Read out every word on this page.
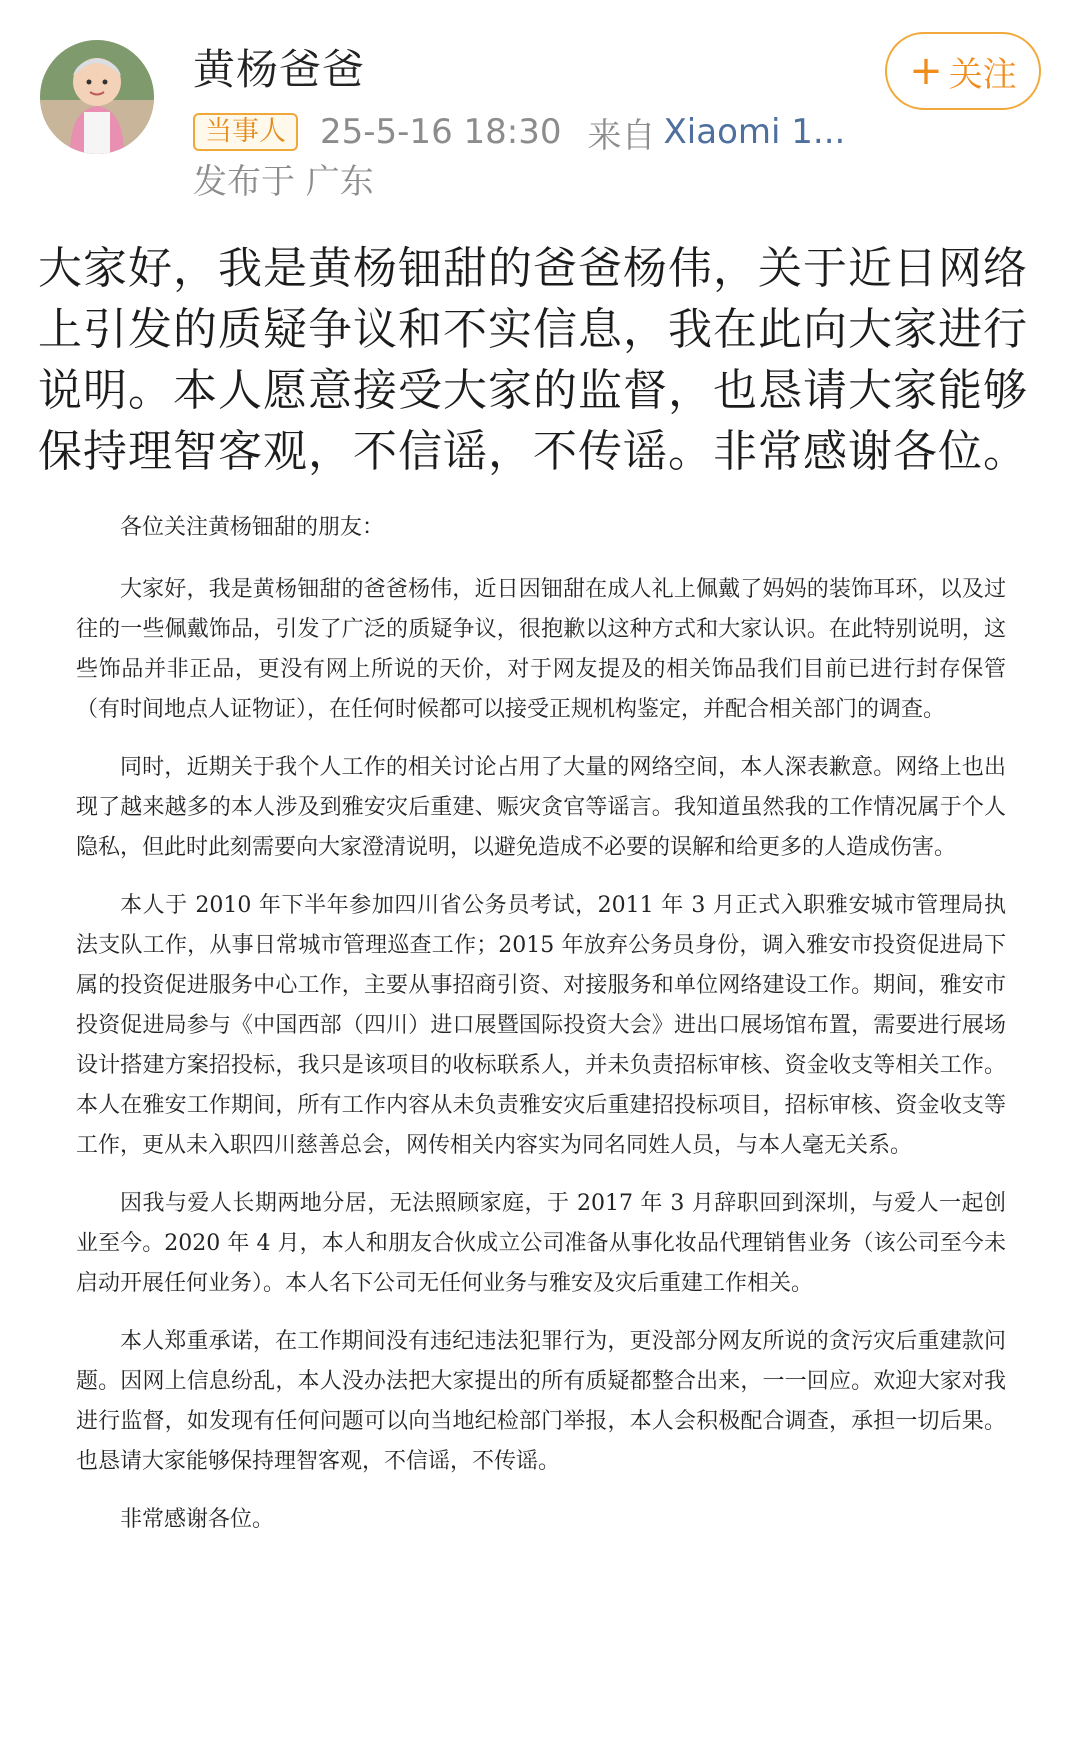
黄杨爸爸
当事人	25-5-16 18:30 来自 Xiaomi 1...
发布于 广东
+ 关注

大家好，我是黄杨钿甜的爸爸杨伟，关于近日网络上引发的质疑争议和不实信息，我在此向大家进行说明。本人愿意接受大家的监督，也恳请大家能够保持理智客观，不信谣，不传谣。非常感谢各位。

各位关注黄杨钿甜的朋友：

大家好，我是黄杨钿甜的爸爸杨伟，近日因钿甜在成人礼上佩戴了妈妈的装饰耳环，以及过往的一些佩戴饰品，引发了广泛的质疑争议，很抱歉以这种方式和大家认识。在此特别说明，这些饰品并非正品，更没有网上所说的天价，对于网友提及的相关饰品我们目前已进行封存保管（有时间地点人证物证），在任何时候都可以接受正规机构鉴定，并配合相关部门的调查。

同时，近期关于我个人工作的相关讨论占用了大量的网络空间，本人深表歉意。网络上也出现了越来越多的本人涉及到雅安灾后重建、赈灾贪官等谣言。我知道虽然我的工作情况属于个人隐私，但此时此刻需要向大家澄清说明，以避免造成不必要的误解和给更多的人造成伤害。

本人于 2010 年下半年参加四川省公务员考试，2011 年 3 月正式入职雅安城市管理局执法支队工作，从事日常城市管理巡查工作；2015 年放弃公务员身份，调入雅安市投资促进局下属的投资促进服务中心工作，主要从事招商引资、对接服务和单位网络建设工作。期间，雅安市投资促进局参与《中国西部（四川）进口展暨国际投资大会》进出口展场馆布置，需要进行展场设计搭建方案招投标，我只是该项目的收标联系人，并未负责招标审核、资金收支等相关工作。本人在雅安工作期间，所有工作内容从未负责雅安灾后重建招投标项目，招标审核、资金收支等工作，更从未入职四川慈善总会，网传相关内容实为同名同姓人员，与本人毫无关系。

因我与爱人长期两地分居，无法照顾家庭，于 2017 年 3 月辞职回到深圳，与爱人一起创业至今。2020 年 4 月，本人和朋友合伙成立公司准备从事化妆品代理销售业务（该公司至今未启动开展任何业务）。本人名下公司无任何业务与雅安及灾后重建工作相关。

本人郑重承诺，在工作期间没有违纪违法犯罪行为，更没部分网友所说的贪污灾后重建款问题。因网上信息纷乱，本人没办法把大家提出的所有质疑都整合出来，一一回应。欢迎大家对我进行监督，如发现有任何问题可以向当地纪检部门举报，本人会积极配合调查，承担一切后果。也恳请大家能够保持理智客观，不信谣，不传谣。

非常感谢各位。
